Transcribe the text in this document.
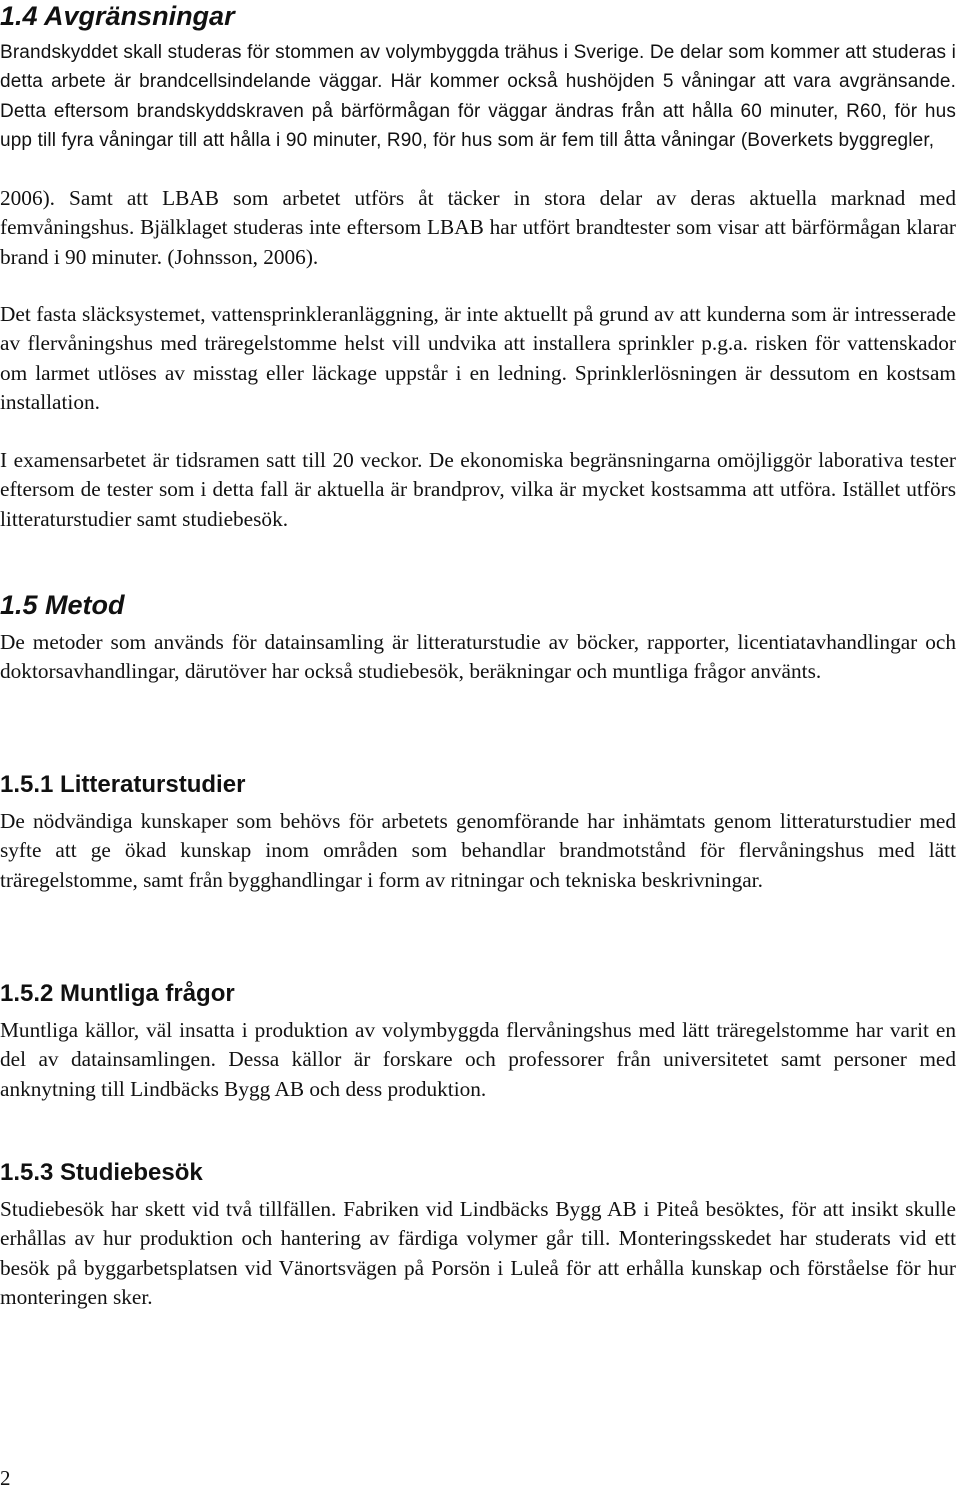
1.4 Avgränsningar

Brandskyddet skall studeras för stommen av volymbyggda trähus i Sverige. De delar som kommer att studeras i detta arbete är brandcellsindelande väggar. Här kommer också hushöjden 5 våningar att vara avgränsande. Detta eftersom brandskyddskraven på bärförmågan för väggar ändras från att hålla 60 minuter, R60, för hus upp till fyra våningar till att hålla i 90 minuter, R90, för hus som är fem till åtta våningar (Boverkets byggregler,

2006). Samt att LBAB som arbetet utförs åt täcker in stora delar av deras aktuella marknad med femvåningshus. Bjälklaget studeras inte eftersom LBAB har utfört brandtester som visar att bärförmågan klarar brand i 90 minuter. (Johnsson, 2006).

Det fasta släcksystemet, vattensprinkleranläggning, är inte aktuellt på grund av att kunderna som är intresserade av flervåningshus med träregelstomme helst vill undvika att installera sprinkler p.g.a. risken för vattenskador om larmet utlöses av misstag eller läckage uppstår i en ledning. Sprinklerlösningen är dessutom en kostsam installation.

I examensarbetet är tidsramen satt till 20 veckor. De ekonomiska begränsningarna omöjliggör laborativa tester eftersom de tester som i detta fall är aktuella är brandprov, vilka är mycket kostsamma att utföra. Istället utförs litteraturstudier samt studiebesök.

1.5 Metod

De metoder som används för datainsamling är litteraturstudie av böcker, rapporter, licentiatavhandlingar och doktorsavhandlingar, därutöver har också studiebesök, beräkningar och muntliga frågor använts.

1.5.1 Litteraturstudier

De nödvändiga kunskaper som behövs för arbetets genomförande har inhämtats genom litteraturstudier med syfte att ge ökad kunskap inom områden som behandlar brandmotstånd för flervåningshus med lätt träregelstomme, samt från bygghandlingar i form av ritningar och tekniska beskrivningar.

1.5.2 Muntliga frågor

Muntliga källor, väl insatta i produktion av volymbyggda flervåningshus med lätt träregelstomme har varit en del av datainsamlingen. Dessa källor är forskare och professorer från universitetet samt personer med anknytning till Lindbäcks Bygg AB och dess produktion.

1.5.3 Studiebesök

Studiebesök har skett vid två tillfällen. Fabriken vid Lindbäcks Bygg AB i Piteå besöktes, för att insikt skulle erhållas av hur produktion och hantering av färdiga volymer går till. Monteringsskedet har studerats vid ett besök på byggarbetsplatsen vid Vänortsvägen på Porsön i Luleå för att erhålla kunskap och förståelse för hur monteringen sker.

2
